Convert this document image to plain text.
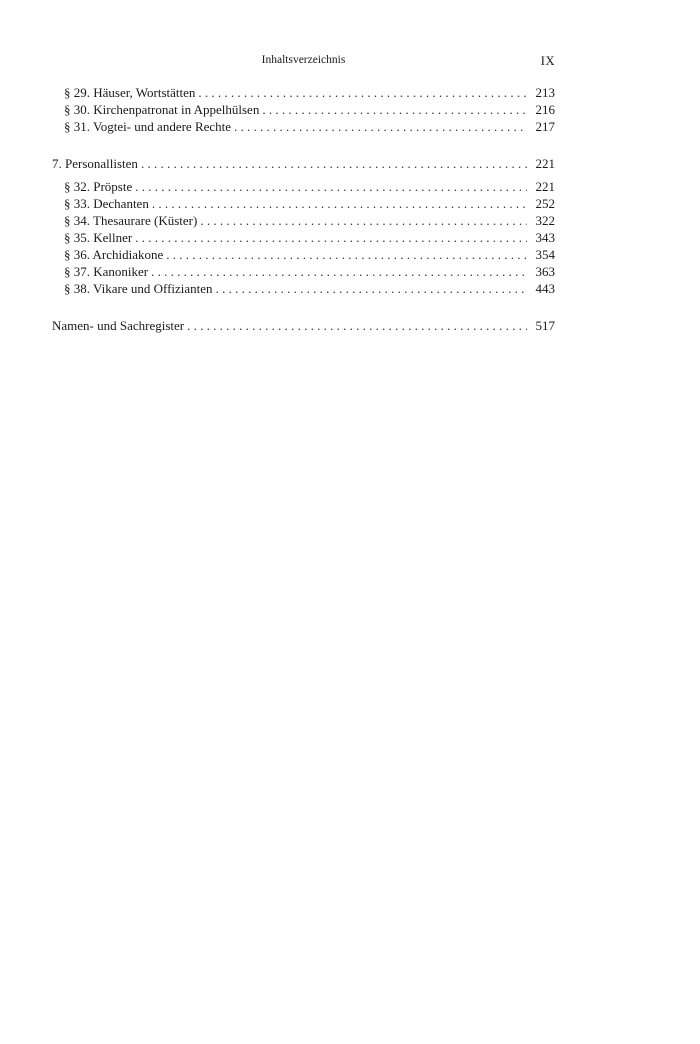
Inhaltsverzeichnis	IX
§ 29. Häuser, Wortstätten . . .	213
§ 30. Kirchenpatronat in Appelhülsen . . .	216
§ 31. Vogtei- und andere Rechte . . .	217
7. Personallisten . . .	221
§ 32. Pröpste . . .	221
§ 33. Dechanten . . .	252
§ 34. Thesaurare (Küster) . . .	322
§ 35. Kellner . . .	343
§ 36. Archidiakone . . .	354
§ 37. Kanoniker . . .	363
§ 38. Vikare und Offizianten . . .	443
Namen- und Sachregister . . .	517
